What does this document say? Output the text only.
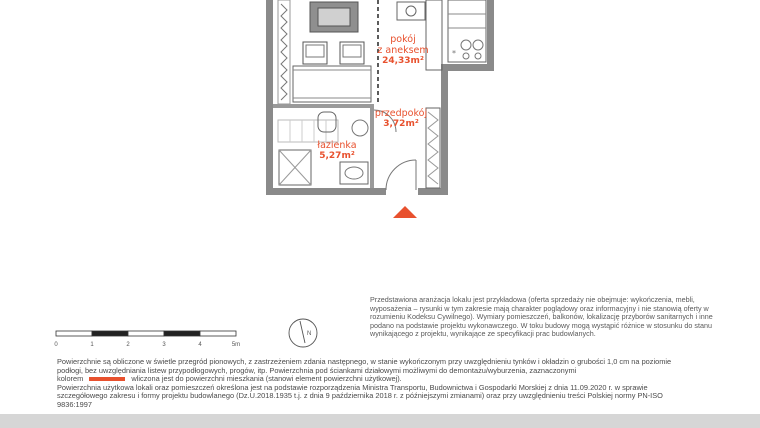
*
pokój
z aneksem
24,33m²
przedpokój
3,72m²
łazienka
5,27m²
Przedstawiona aranżacja lokalu jest przykładowa (oferta sprzedaży nie obejmuje: wykończenia, mebli, wyposażenia – rysunki w tym zakresie mają charakter poglądowy oraz informacyjny i nie stanowią oferty w rozumieniu Kodeksu Cywilnego). Wymiary pomieszczeń, balkonów, lokalizację przyborów sanitarnych i inne podano na podstawie projektu wykonawczego. W toku budowy mogą wystąpić różnice w stosunku do stanu wynikającego z projektu, wynikające ze specyfikacji prac budowlanych.
0	1	2	3	4	5m
N

Powierzchnie są obliczone w świetle przegród pionowych, z zastrzeżeniem zdania następnego, w stanie wykończonym przy uwzględnieniu tynków i okładzin o grubości 1,0 cm na poziomie podłogi, bez uwzględniania listew przypodłogowych, progów, itp. Powierzchnia pod ściankami działowymi możliwymi do demontażu/wyburzenia, zaznaczonymi
kolorem	wliczona jest do powierzchni mieszkania (stanowi element powierzchni użytkowej).

Powierzchnia użytkowa lokali oraz pomieszczeń określona jest na podstawie rozporządzenia Ministra Transportu, Budownictwa i Gospodarki Morskiej z dnia 11.09.2020 r. w sprawie szczegółowego zakresu i formy projektu budowlanego (Dz.U.2018.1935 t.j. z dnia 9 października 2018 r. z późniejszymi zmianami) oraz przy uwzględnieniu treści Polskiej normy PN-ISO 9836:1997
